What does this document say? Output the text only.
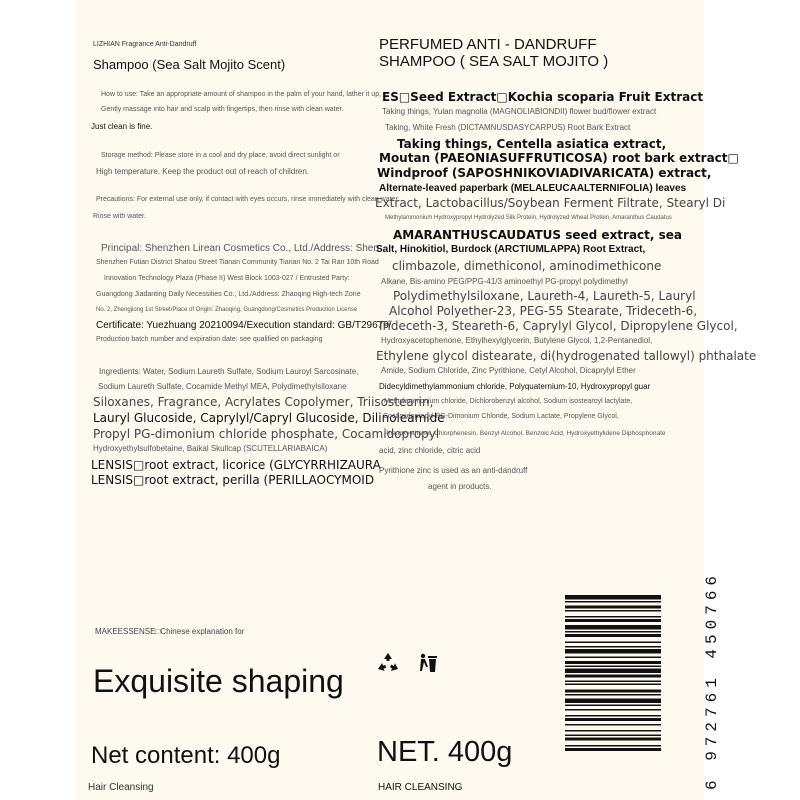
LIZHIAN Fragrance Anti-Dandruff
Shampoo (Sea Salt Mojito Scent)
How to use: Take an appropriate amount of shampoo in the palm of your hand, lather it up,
Gently massage into hair and scalp with fingertips, then rinse with clean water.
Just clean is fine.
Storage method: Please store in a cool and dry place, avoid direct sunlight or
High temperature. Keep the product out of reach of children.
Precautions: For external use only, if contact with eyes occurs, rinse immediately with clean water.
Rinse with water.
Principal: Shenzhen Lirean Cosmetics Co., Ltd./Address: Shen
Shenzhen Futian District Shatou Street Tianan Community Tianan No. 2 Tai Ran 10th Road
Innovation Technology Plaza (Phase II) West Block 1003-027 / Entrusted Party:
Guangdong Jiadanting Daily Necessities Co., Ltd./Address: Zhaoqing High-tech Zone
No. 2, Zhengjiong 1st Street/Place of Origin: Zhaoqing, Guangdong/Cosmetics Production License
Certificate: Yuezhuang 20210094/Execution standard: GB/T29679/
Production batch number and expiration date: see qualified on packaging
Ingredients: Water, Sodium Laureth Sulfate, Sodium Lauroyl Sarcosinate,
Sodium Laureth Sulfate, Cocamide Methyl MEA, Polydimethylsiloxane
Siloxanes, Fragrance, Acrylates Copolymer, Triisostearin,
Lauryl Glucoside, Caprylyl/Capryl Glucoside, Dilinoleamide
Propyl PG-dimonium chloride phosphate, Cocamidopropyl
Hydroxyethylsulfobetaine, Baikal Skullcap (SCUTELLARIABAICA)
LENSIS□root extract, licorice (GLYCYRRHIZAURA
LENSIS□root extract, perilla (PERILLAOCYMOID
MAKEESSENSE□Chinese explanation for
Exquisite shaping
Net content: 400g
Hair Cleansing
PERFUMED ANTI - DANDRUFF
SHAMPOO ( SEA SALT MOJITO )
ES□Seed Extract□Kochia scoparia Fruit Extract
Taking things, Yulan magnolia (MAGNOLIABIONDII) flower bud/flower extract
Taking, White Fresh (DICTAMNUSDASYCARPUS) Root Bark Extract
Taking things, Centella asiatica extract,
Moutan (PAEONIASUFFRUTICOSA) root bark extract□
Windproof (SAPOSHNIKOVIADIVARICATA) extract,
Alternate-leaved paperbark (MELALEUCAALTERNIFOLIA) leaves
Extract, Lactobacillus/Soybean Ferment Filtrate, Stearyl Di
Methylammonium Hydroxypropyl Hydrolyzed Silk Protein, Hydrolyzed Wheat Protein, Amaranthus Caudatus
AMARANTHUSCAUDATUS seed extract, sea
Salt, Hinokitiol, Burdock (ARCTIUMLAPPA) Root Extract,
climbazole, dimethiconol, aminodimethicone
Alkane, Bis-amino PEG/PPG-41/3 aminoethyl PG-propyl polydimethyl
Polydimethylsiloxane, Laureth-4, Laureth-5, Lauryl
Alcohol Polyether-23, PEG-55 Stearate, Trideceth-6,
Trideceth-3, Steareth-6, Caprylyl Glycol, Dipropylene Glycol,
Hydroxyacetophenone, Ethylhexylglycerin, Butylene Glycol, 1,2-Pentanediol,
Ethylene glycol distearate, di(hydrogenated tallowyl) phthalate
Amide, Sodium Chloride, Zinc Pyrithione, Cetyl Alcohol, Dicaprylyl Ether
Didecyldimethylammonium chloride, Polyquaternium-10, Hydroxypropyl guar
Methylammonium chloride, Dichlorobenzyl alcohol, Sodium isostearoyl lactylate,
Cocamidopropyl PG-Dimonium Chloride, Sodium Lactate, Propylene Glycol,
Phenoxyethanol, Chlorphenesin, Benzyl Alcohol, Benzoic Acid, Hydroxyethylidene Diphosphonate
acid, zinc chloride, citric acid
Pyrithione zinc is used as an anti-dandruff
agent in products.
NET. 400g
HAIR CLEANSING	6 972761 450766
